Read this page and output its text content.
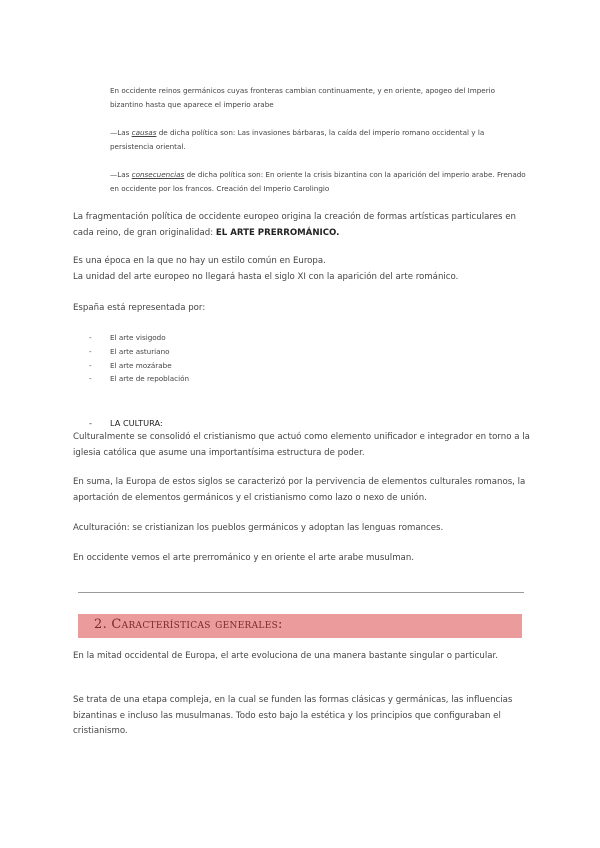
En occidente reinos germánicos cuyas fronteras cambian continuamente, y en oriente, apogeo del Imperio bizantino hasta que aparece el imperio arabe

—Las causas de dicha política son: Las invasiones bárbaras, la caída del imperio romano occidental y la persistencia oriental.

—Las consecuencias de dicha política son: En oriente la crisis bizantina con la aparición del imperio arabe. Frenado en occidente por los francos. Creación del Imperio Carolingio

La fragmentación política de occidente europeo origina la creación de formas artísticas particulares en cada reino, de gran originalidad: EL ARTE PRERROMÁNICO.

Es una época en la que no hay un estilo común en Europa.
La unidad del arte europeo no llegará hasta el siglo XI con la aparición del arte románico.

España está representada por:

-	El arte visigodo
-	El arte asturiano
-	El arte mozárabe
-	El arte de repoblación
- LA CULTURA:

Culturalmente se consolidó el cristianismo que actuó como elemento unificador e integrador en torno a la iglesia católica que asume una importantísima estructura de poder.

En suma, la Europa de estos siglos se caracterizó por la pervivencia de elementos culturales romanos, la aportación de elementos germánicos y el cristianismo como lazo o nexo de unión.

Aculturación: se cristianizan los pueblos germánicos y adoptan las lenguas romances.

En occidente vemos el arte prerrománico y en oriente el arte arabe musulman.

2. Características generales:

En la mitad occidental de Europa, el arte evoluciona de una manera bastante singular o particular.

Se trata de una etapa compleja, en la cual se funden las formas clásicas y germánicas, las influencias bizantinas e incluso las musulmanas. Todo esto bajo la estética y los principios que configuraban el cristianismo.
